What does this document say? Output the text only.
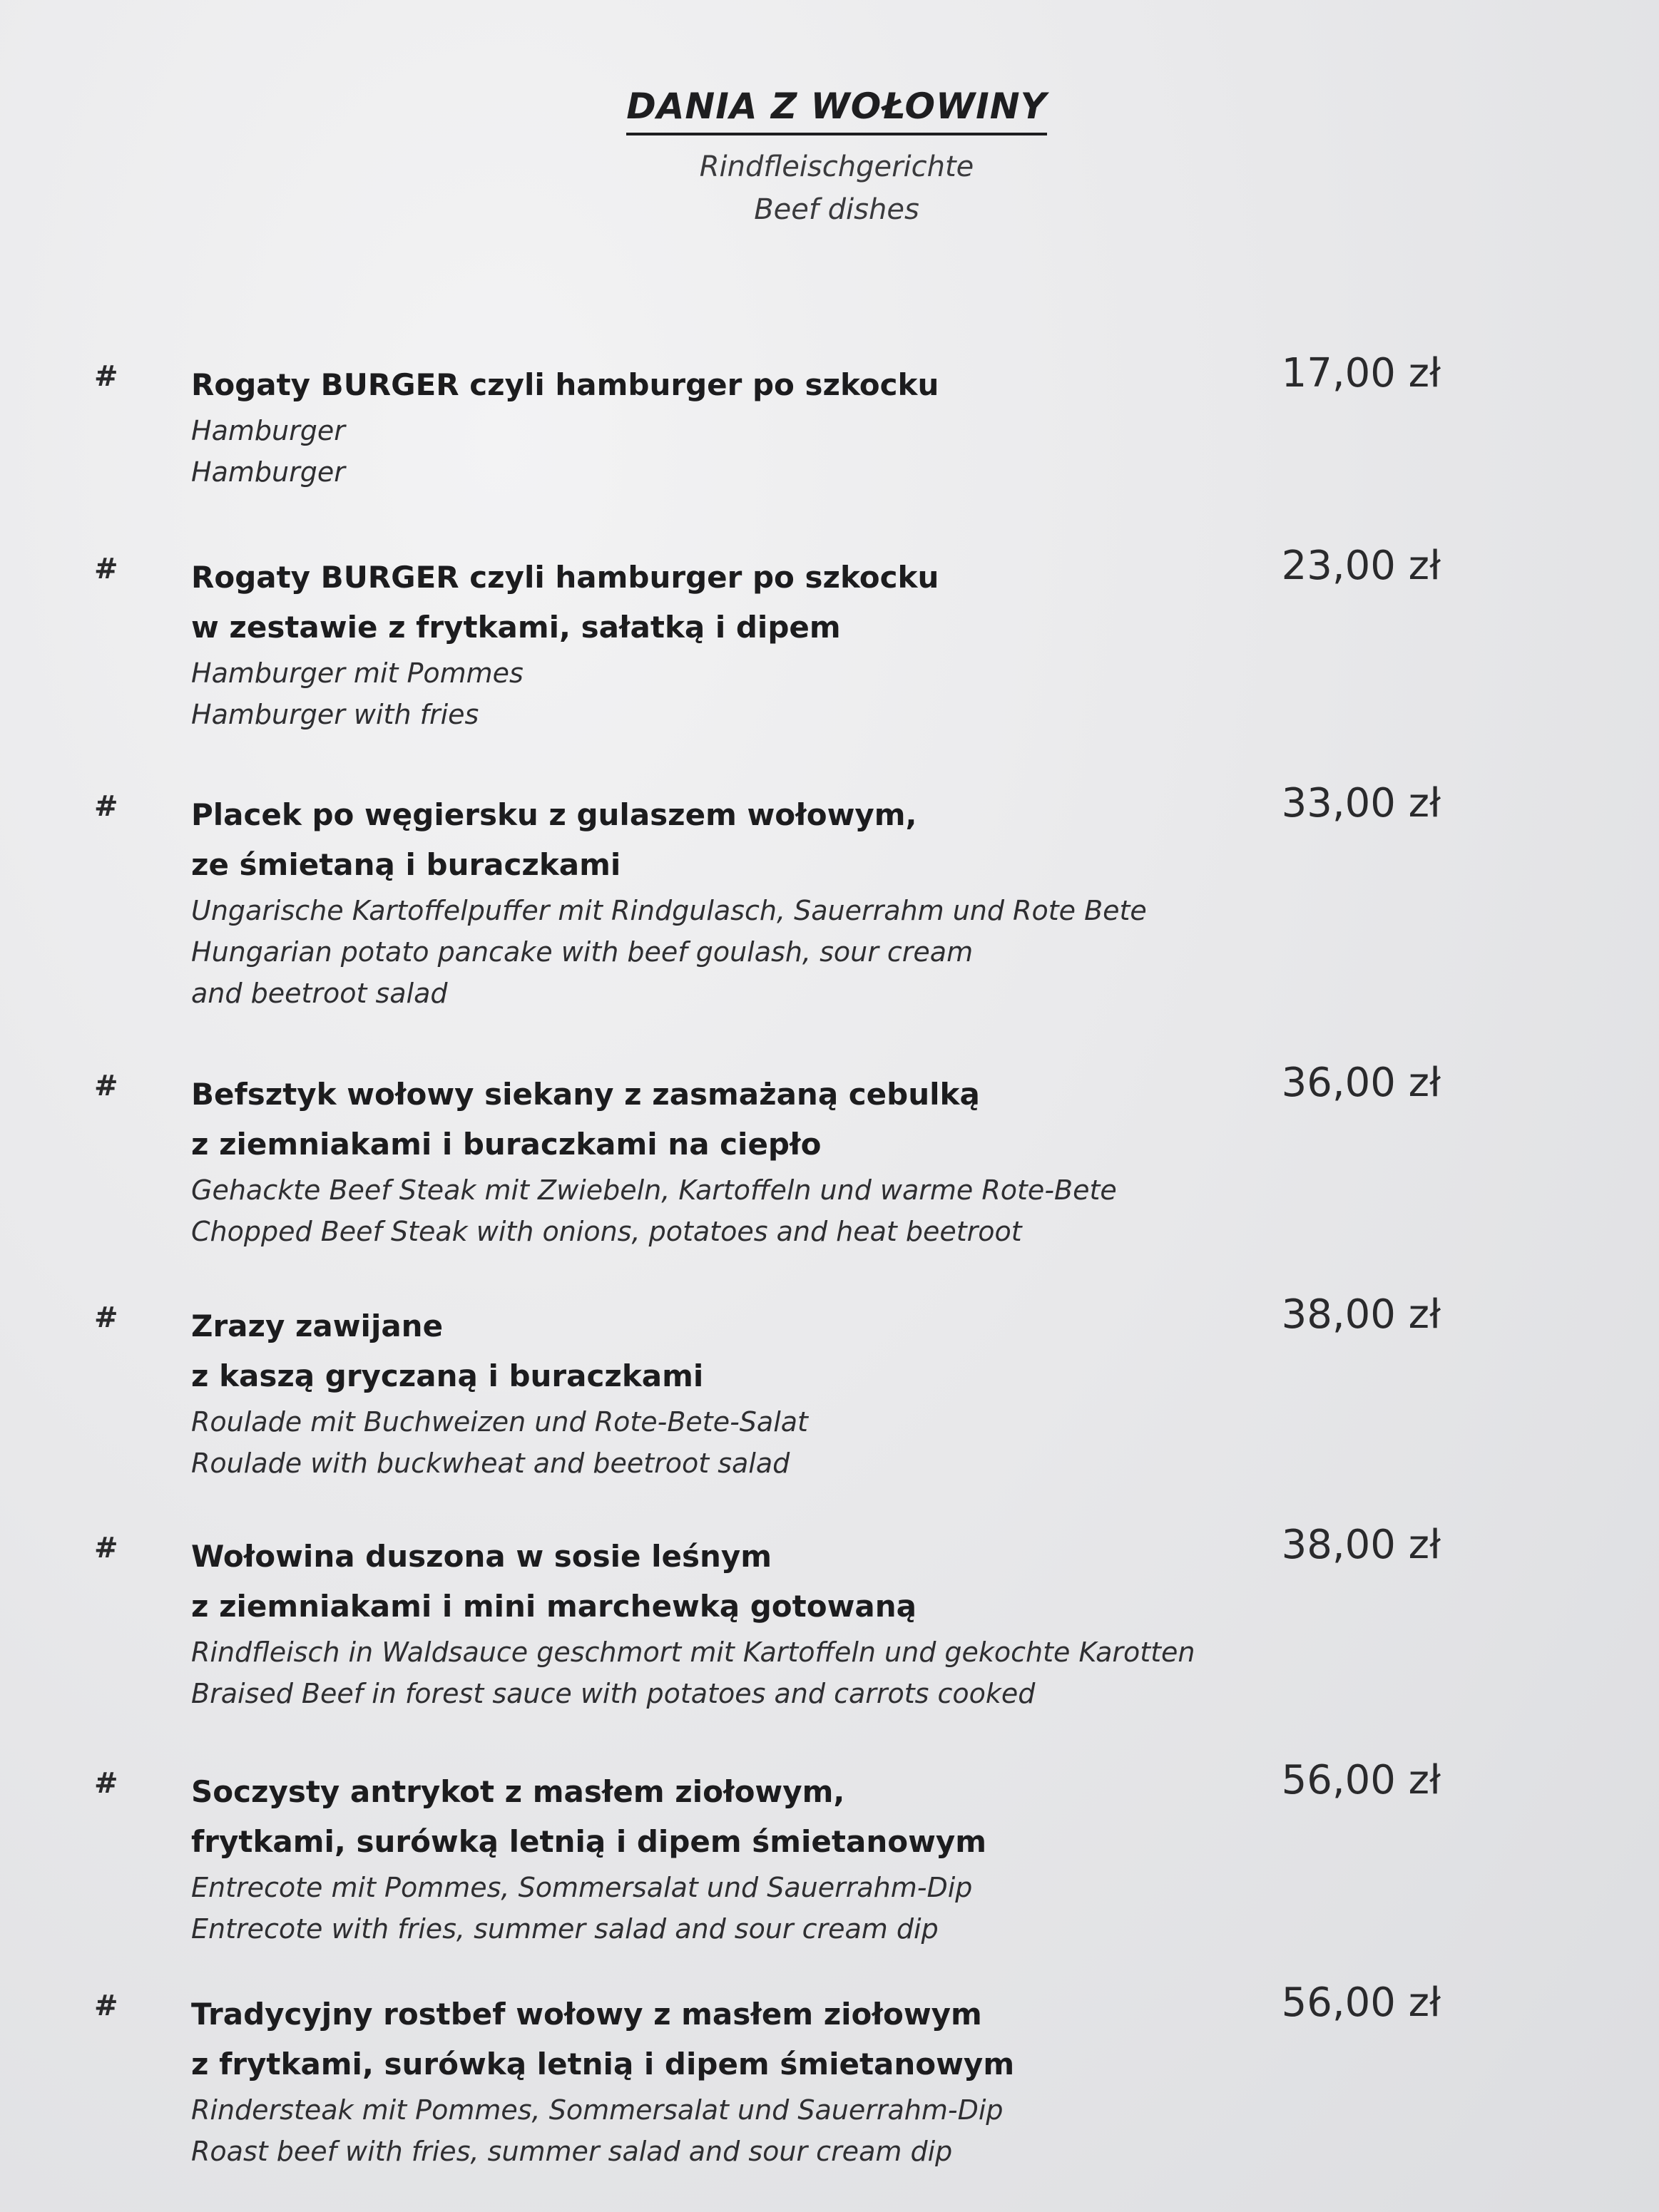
DANIA Z WOŁOWINY
Rindfleischgerichte
Beef dishes
# Rogaty BURGER czyli hamburger po szkocku
Hamburger
Hamburger
17,00 zł
# Rogaty BURGER czyli hamburger po szkocku
w zestawie z frytkami, sałatką i dipem
Hamburger mit Pommes
Hamburger with fries
23,00 zł
# Placek po węgiersku z gulaszem wołowym,
ze śmietaną i buraczkami
Ungarische Kartoffelpuffer mit Rindgulasch, Sauerrahm und Rote Bete
Hungarian potato pancake with beef goulash, sour cream
and beetroot salad
33,00 zł
# Befsztyk wołowy siekany z zasmażaną cebulką
z ziemniakami i buraczkami na ciepło
Gehackte Beef Steak mit Zwiebeln, Kartoffeln und warme Rote-Bete
Chopped Beef Steak with onions, potatoes and heat beetroot
36,00 zł
# Zrazy zawijane
z kaszą gryczaną i buraczkami
Roulade mit Buchweizen und Rote-Bete-Salat
Roulade with buckwheat and beetroot salad
38,00 zł
# Wołowina duszona w sosie leśnym
z ziemniakami i mini marchewką gotowaną
Rindfleisch in Waldsauce geschmort mit Kartoffeln und gekochte Karotten
Braised Beef in forest sauce with potatoes and carrots cooked
38,00 zł
# Soczysty antrykot z masłem ziołowym,
frytkami, surówką letnią i dipem śmietanowym
Entrecote mit Pommes, Sommersalat und Sauerrahm-Dip
Entrecote with fries, summer salad and sour cream dip
56,00 zł
# Tradycyjny rostbef wołowy z masłem ziołowym
z frytkami, surówką letnią i dipem śmietanowym
Rindersteak mit Pommes, Sommersalat und Sauerrahm-Dip
Roast beef with fries, summer salad and sour cream dip
56,00 zł
